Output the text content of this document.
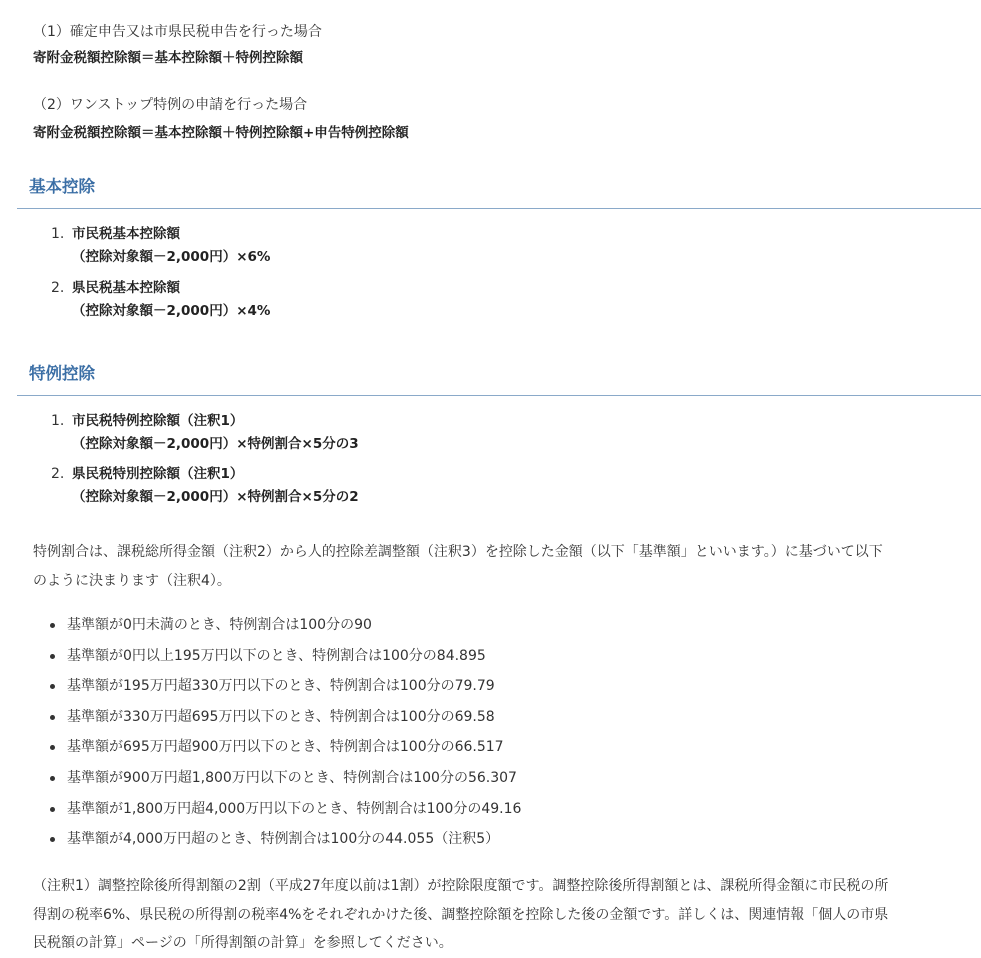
（1）確定申告又は市県民税申告を行った場合
寄附金税額控除額＝基本控除額＋特例控除額
（2）ワンストップ特例の申請を行った場合
寄附金税額控除額＝基本控除額＋特例控除額+申告特例控除額
基本控除
1. 市民税基本控除額
（控除対象額－2,000円）×6%
2. 県民税基本控除額
（控除対象額－2,000円）×4%
特例控除
1. 市民税特例控除額（注釈1）
（控除対象額－2,000円）×特例割合×5分の3
2. 県民税特別控除額（注釈1）
（控除対象額－2,000円）×特例割合×5分の2
特例割合は、課税総所得金額（注釈2）から人的控除差調整額（注釈3）を控除した金額（以下「基準額」といいます。）に基づいて以下
のように決まります（注釈4）。
基準額が0円未満のとき、特例割合は100分の90
基準額が0円以上195万円以下のとき、特例割合は100分の84.895
基準額が195万円超330万円以下のとき、特例割合は100分の79.79
基準額が330万円超695万円以下のとき、特例割合は100分の69.58
基準額が695万円超900万円以下のとき、特例割合は100分の66.517
基準額が900万円超1,800万円以下のとき、特例割合は100分の56.307
基準額が1,800万円超4,000万円以下のとき、特例割合は100分の49.16
基準額が4,000万円超のとき、特例割合は100分の44.055（注釈5）
（注釈1）調整控除後所得割額の2割（平成27年度以前は1割）が控除限度額です。調整控除後所得割額とは、課税所得金額に市民税の所
得割の税率6%、県民税の所得割の税率4%をそれぞれかけた後、調整控除額を控除した後の金額です。詳しくは、関連情報「個人の市県
民税額の計算」ページの「所得割額の計算」を参照してください。
